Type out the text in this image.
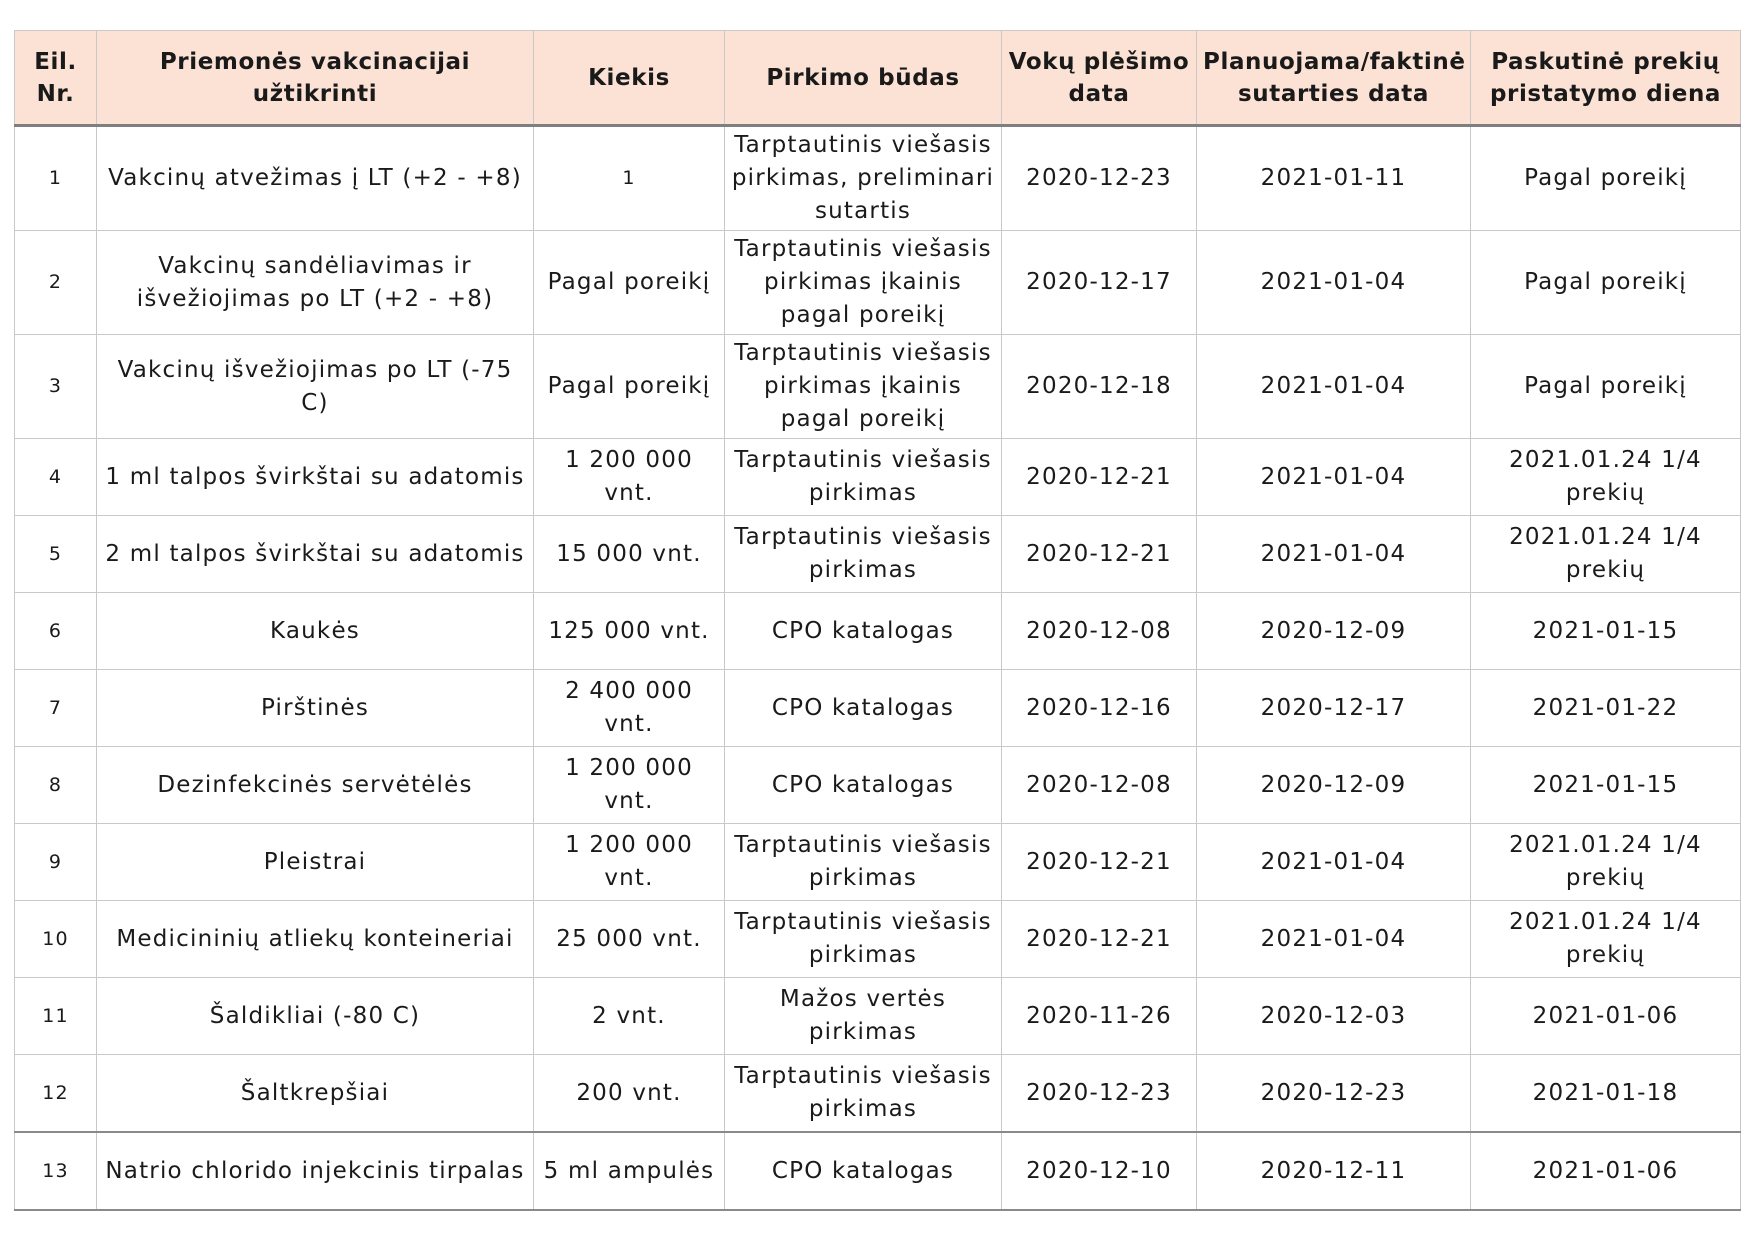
Eil. Nr.	Priemonės vakcinacijai užtikrinti	Kiekis	Pirkimo būdas	Vokų plėšimo data	Planuojama/faktinė sutarties data	Paskutinė prekių pristatymo diena
1	Vakcinų atvežimas į LT (+2 - +8)	1	Tarptautinis viešasis pirkimas, preliminari sutartis	2020-12-23	2021-01-11	Pagal poreikį
2	Vakcinų sandėliavimas ir išvežiojimas po LT (+2 - +8)	Pagal poreikį	Tarptautinis viešasis pirkimas įkainis pagal poreikį	2020-12-17	2021-01-04	Pagal poreikį
3	Vakcinų išvežiojimas po LT (-75 C)	Pagal poreikį	Tarptautinis viešasis pirkimas įkainis pagal poreikį	2020-12-18	2021-01-04	Pagal poreikį
4	1 ml talpos švirkštai su adatomis	1 200 000 vnt.	Tarptautinis viešasis pirkimas	2020-12-21	2021-01-04	2021.01.24 1/4 prekių
5	2 ml talpos švirkštai su adatomis	15 000 vnt.	Tarptautinis viešasis pirkimas	2020-12-21	2021-01-04	2021.01.24 1/4 prekių
6	Kaukės	125 000 vnt.	CPO katalogas	2020-12-08	2020-12-09	2021-01-15
7	Pirštinės	2 400 000 vnt.	CPO katalogas	2020-12-16	2020-12-17	2021-01-22
8	Dezinfekcinės servėtėlės	1 200 000 vnt.	CPO katalogas	2020-12-08	2020-12-09	2021-01-15
9	Pleistrai	1 200 000 vnt.	Tarptautinis viešasis pirkimas	2020-12-21	2021-01-04	2021.01.24 1/4 prekių
10	Medicininių atliekų konteineriai	25 000 vnt.	Tarptautinis viešasis pirkimas	2020-12-21	2021-01-04	2021.01.24 1/4 prekių
11	Šaldikliai (-80 C)	2 vnt.	Mažos vertės pirkimas	2020-11-26	2020-12-03	2021-01-06
12	Šaltkrepšiai	200 vnt.	Tarptautinis viešasis pirkimas	2020-12-23	2020-12-23	2021-01-18
13	Natrio chlorido injekcinis tirpalas	5 ml ampulės	CPO katalogas	2020-12-10	2020-12-11	2021-01-06
